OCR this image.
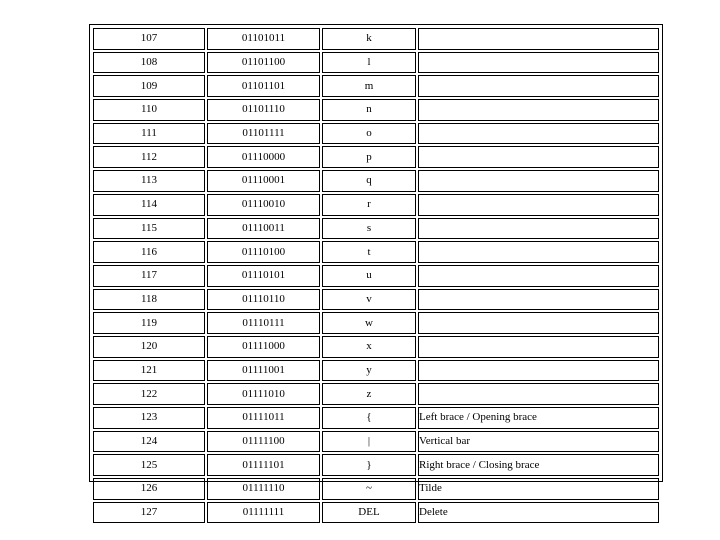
107	01101011	k	
108	01101100	l	
109	01101101	m	
110	01101110	n	
111	01101111	o	
112	01110000	p	
113	01110001	q	
114	01110010	r	
115	01110011	s	
116	01110100	t	
117	01110101	u	
118	01110110	v	
119	01110111	w	
120	01111000	x	
121	01111001	y	
122	01111010	z	
123	01111011	{	Left brace / Opening brace
124	01111100	|	Vertical bar
125	01111101	}	Right brace / Closing brace
126	01111110	~	Tilde
127	01111111	DEL	Delete
